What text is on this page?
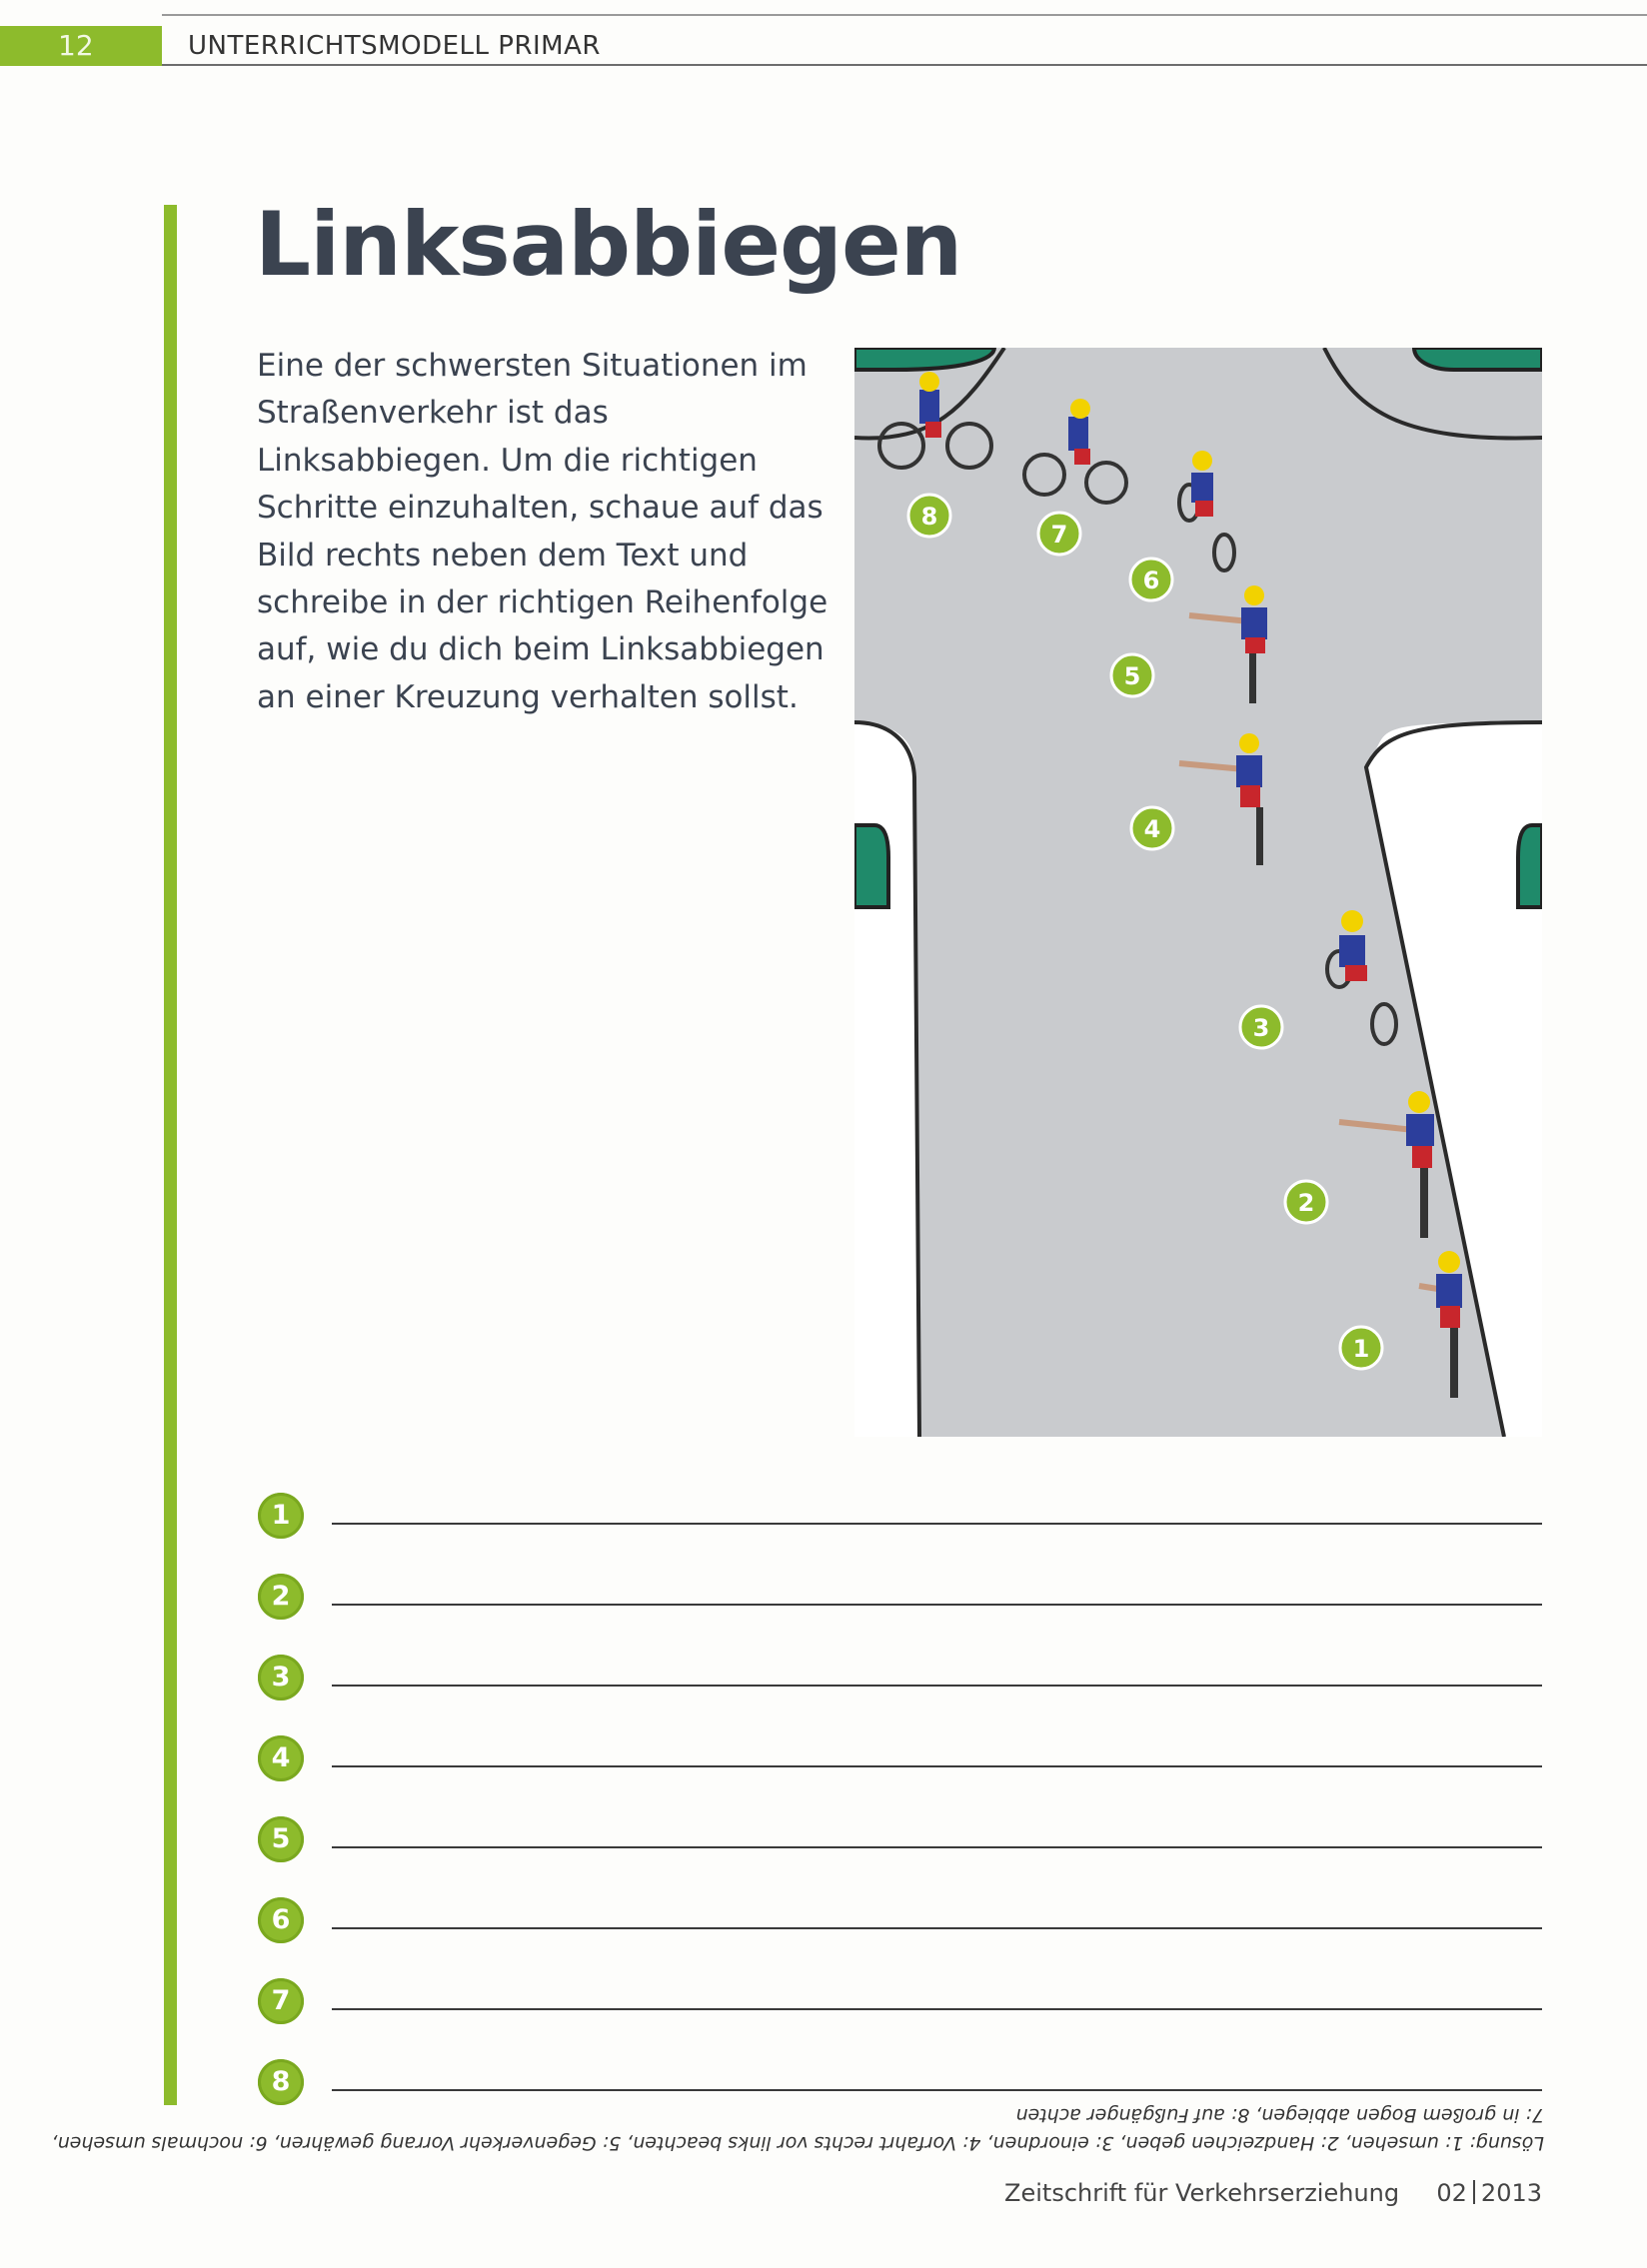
12	UNTERRICHTSMODELL PRIMAR
Linksabbiegen

Eine der schwersten Situationen im Straßenverkehr ist das Linksabbiegen. Um die richtigen Schritte einzuhalten, schaue auf das Bild rechts neben dem Text und schreibe in der richtigen Reihenfolge auf, wie du dich beim Linksabbiegen an einer Kreuzung verhalten sollst.

8
7
6
5
4
3
2
1
1
2
3
4
5
6
7
8
Lösung: 1: umsehen, 2: Handzeichen geben, 3: einordnen, 4: Vorfahrt rechts vor links beachten, 5: Gegenverkehr Vorrang gewähren, 6: nochmals umsehen,
7: in großem Bogen abbiegen, 8: auf Fußgänger achten
Zeitschrift für Verkehrserziehung 02 2013
